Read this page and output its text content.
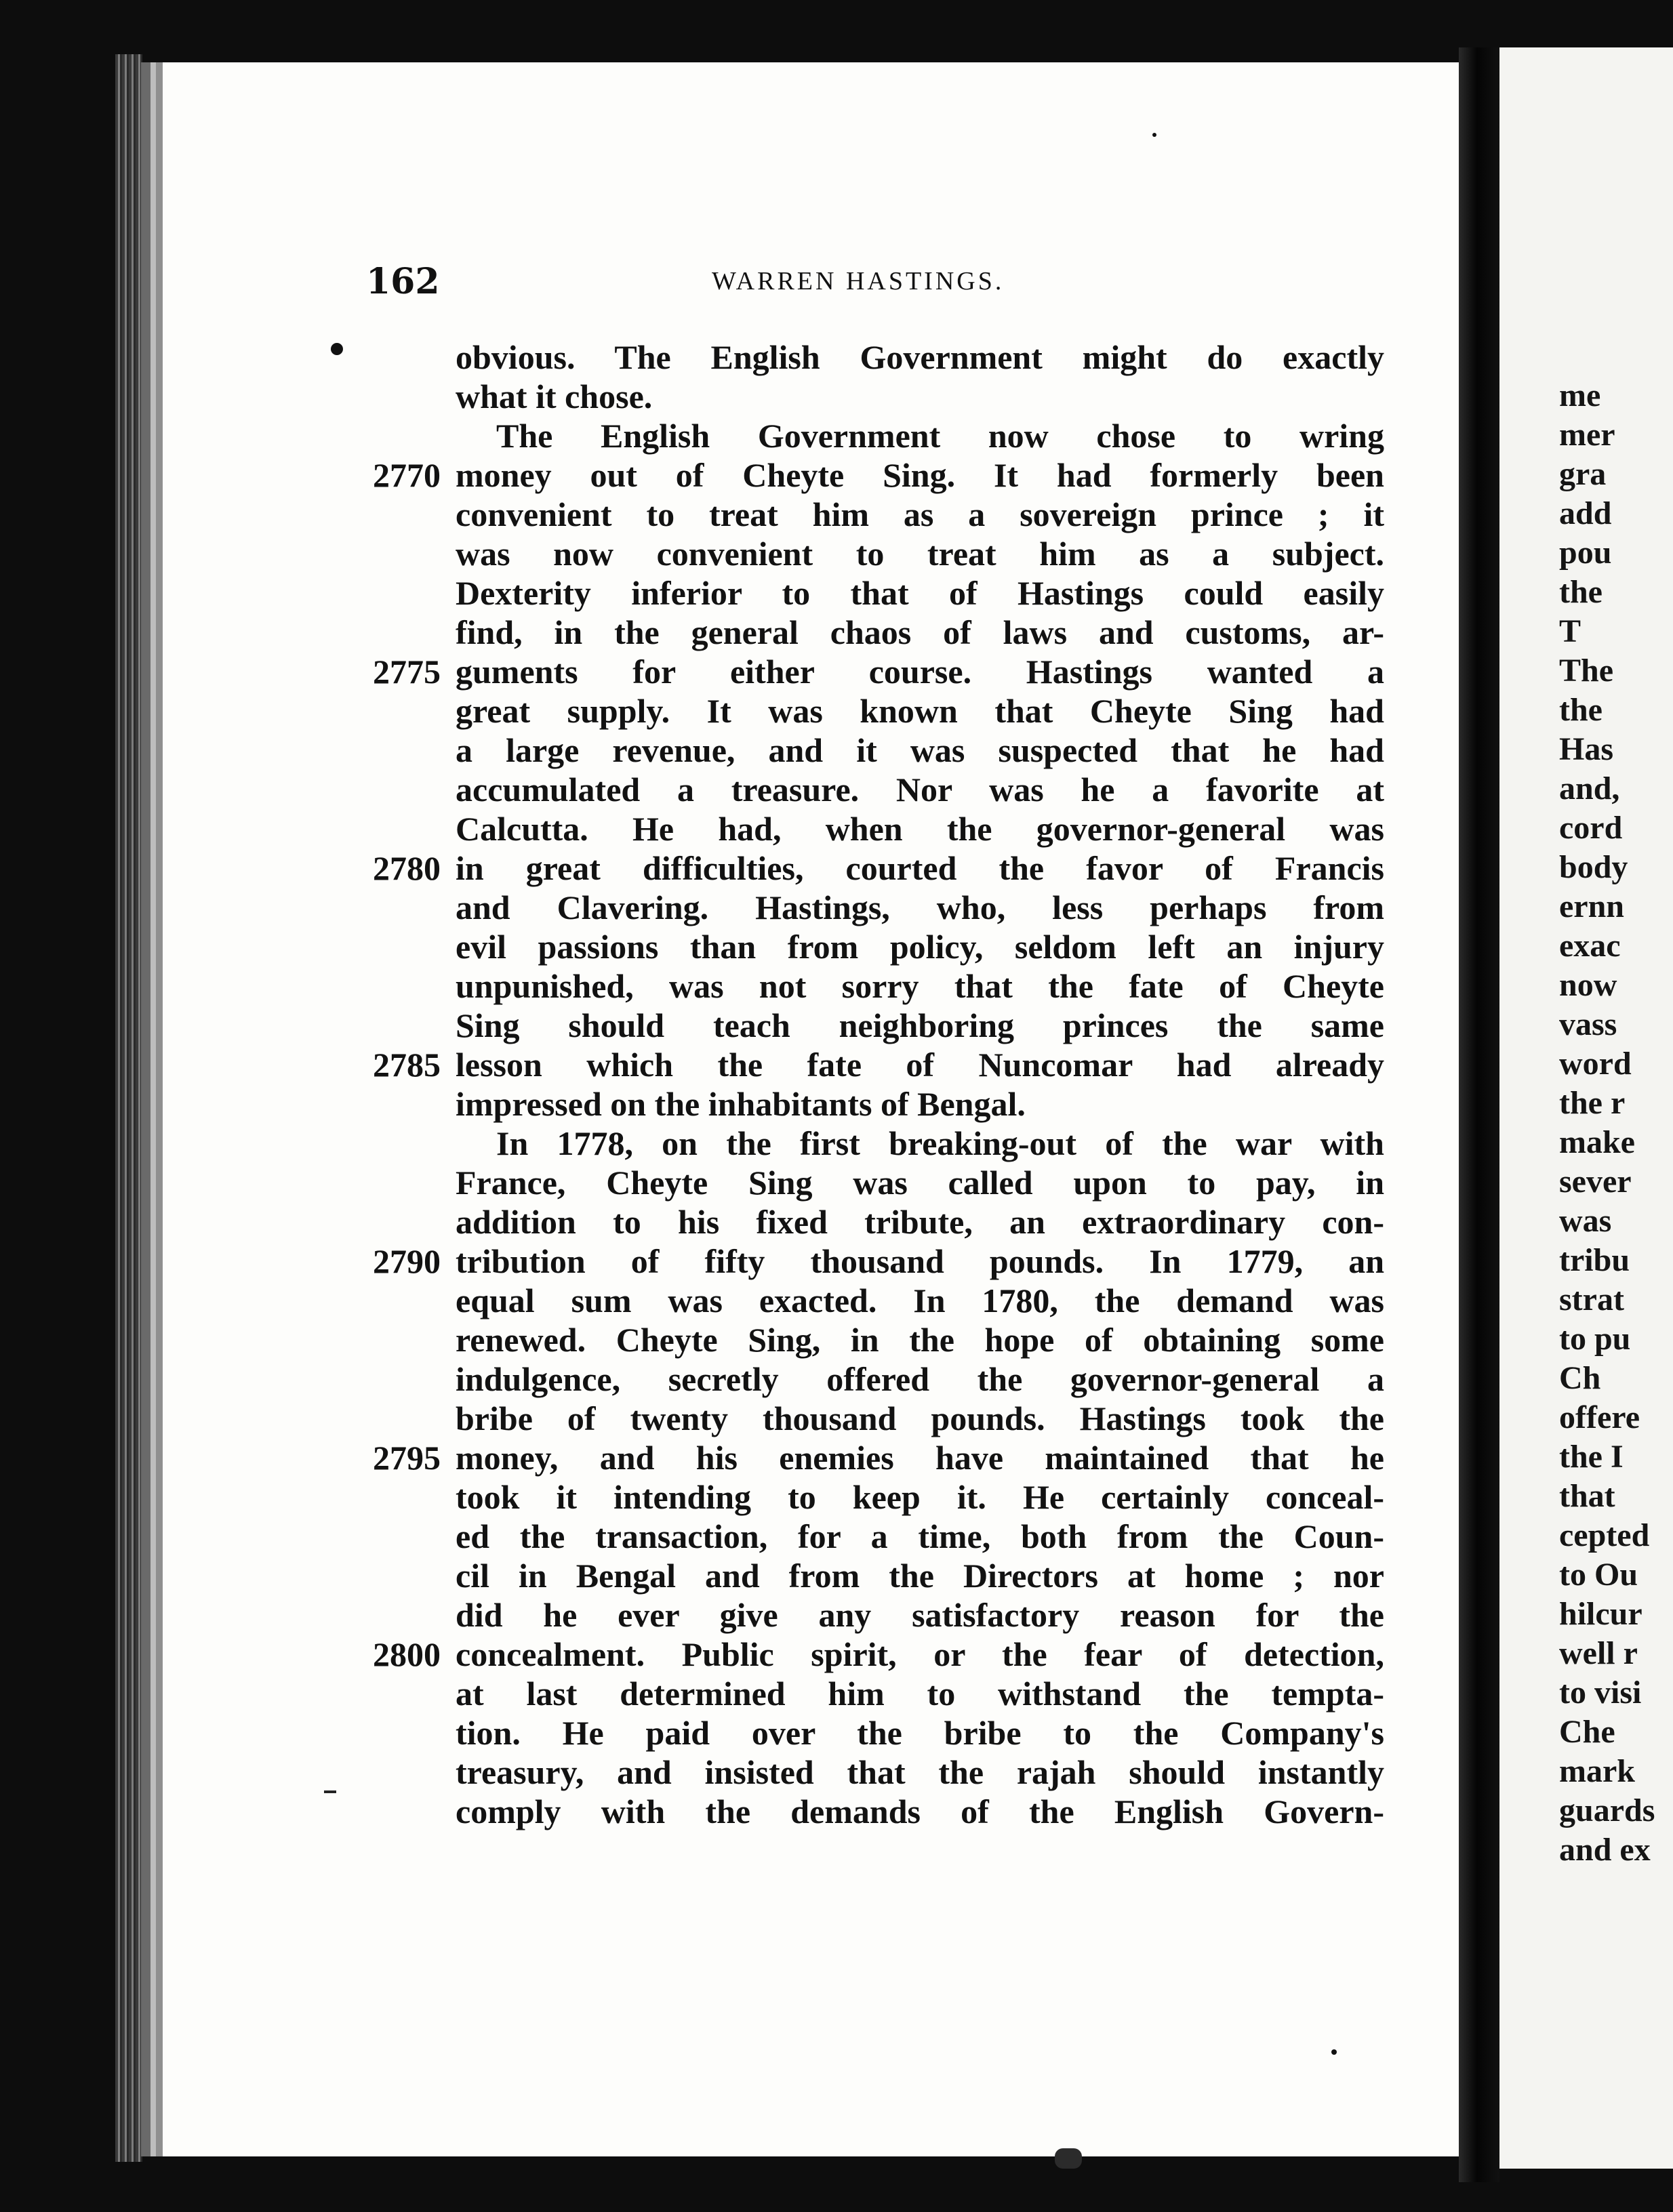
162	WARREN HASTINGS.
obvious. The English Government might do exactly
what it chose.
The English Government now chose to wring
2770 money out of Cheyte Sing. It had formerly been
convenient to treat him as a sovereign prince ; it
was now convenient to treat him as a subject.
Dexterity inferior to that of Hastings could easily
find, in the general chaos of laws and customs, ar-
2775 guments for either course. Hastings wanted a
great supply. It was known that Cheyte Sing had
a large revenue, and it was suspected that he had
accumulated a treasure. Nor was he a favorite at
Calcutta. He had, when the governor-general was
2780 in great difficulties, courted the favor of Francis
and Clavering. Hastings, who, less perhaps from
evil passions than from policy, seldom left an injury
unpunished, was not sorry that the fate of Cheyte
Sing should teach neighboring princes the same
2785 lesson which the fate of Nuncomar had already
impressed on the inhabitants of Bengal.
In 1778, on the first breaking-out of the war with
France, Cheyte Sing was called upon to pay, in
addition to his fixed tribute, an extraordinary con-
2790 tribution of fifty thousand pounds. In 1779, an
equal sum was exacted. In 1780, the demand was
renewed. Cheyte Sing, in the hope of obtaining some
indulgence, secretly offered the governor-general a
bribe of twenty thousand pounds. Hastings took the
2795 money, and his enemies have maintained that he
took it intending to keep it. He certainly conceal-
ed the transaction, for a time, both from the Coun-
cil in Bengal and from the Directors at home ; nor
did he ever give any satisfactory reason for the
2800 concealment. Public spirit, or the fear of detection,
at last determined him to withstand the tempta-
tion. He paid over the bribe to the Company's
treasury, and insisted that the rajah should instantly
comply with the demands of the English Govern-
me
mer
gra
add
pou
the
T
The
the
Has
and,
cord
body
ernn
exac
now
vass
word
the r
make
sever
was
tribu
strat
to pu
Ch
offere
the I
that
cepted
to Ou
hilcur
well r
to visi
Che
mark
guards
and ex
